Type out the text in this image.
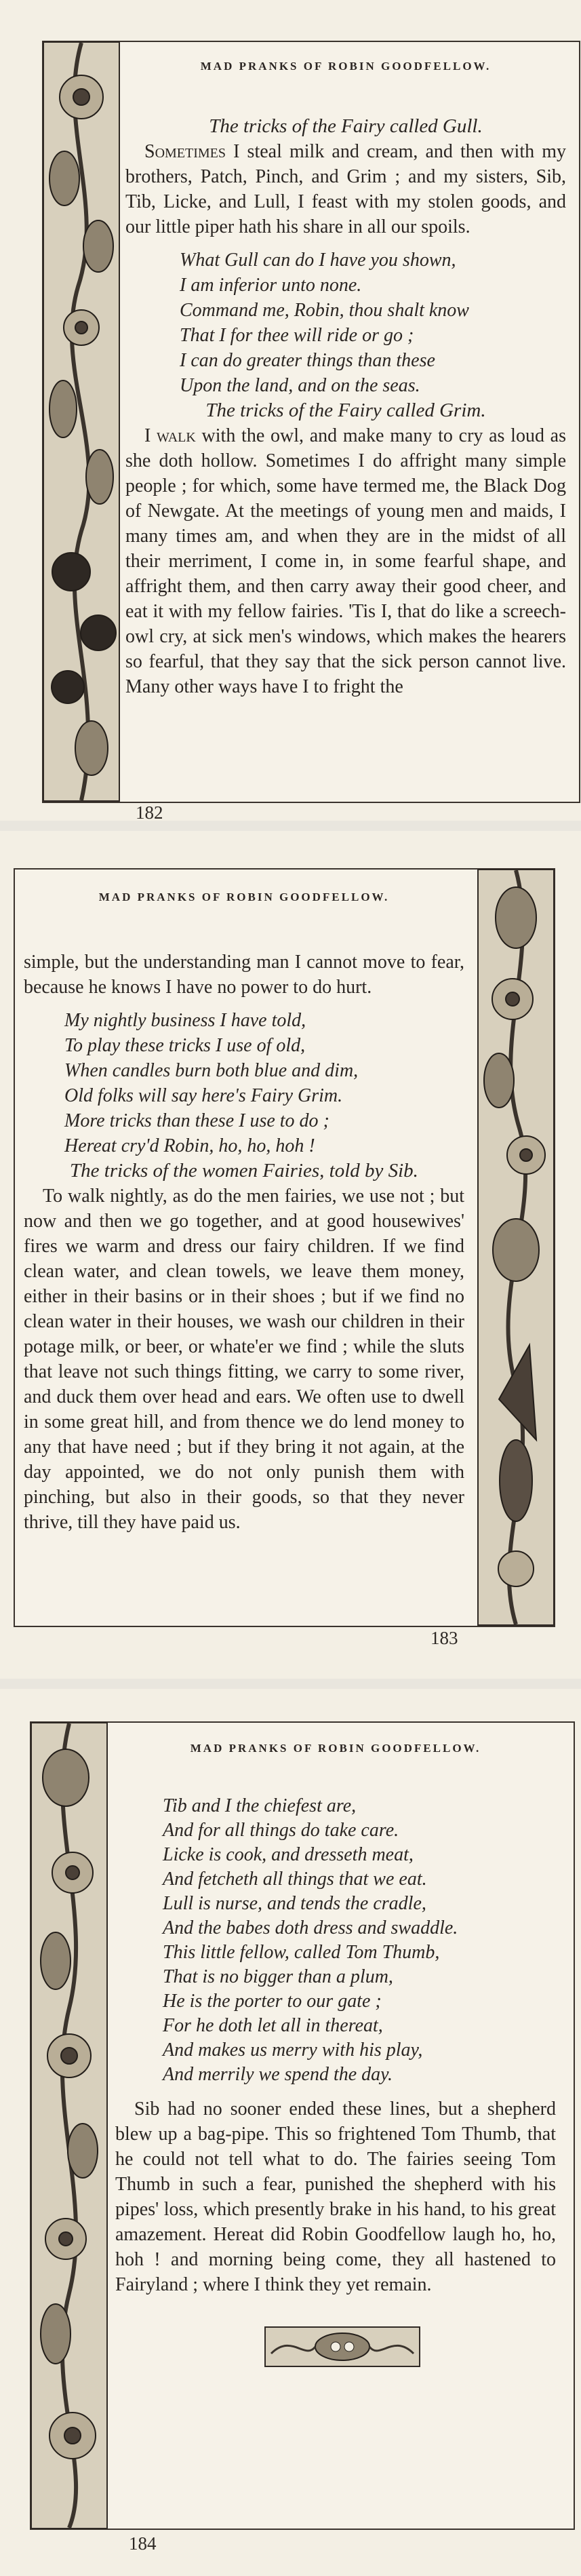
MAD PRANKS OF ROBIN GOODFELLOW.

The tricks of the Fairy called Gull.

Sometimes I steal milk and cream, and then with my brothers, Patch, Pinch, and Grim ; and my sisters, Sib, Tib, Licke, and Lull, I feast with my stolen goods, and our little piper hath his share in all our spoils.

What Gull can do I have you shown,
I am inferior unto none.
Command me, Robin, thou shalt know
That I for thee will ride or go ;
I can do greater things than these
Upon the land, and on the seas.

The tricks of the Fairy called Grim.

I walk with the owl, and make many to cry as loud as she doth hollow. Sometimes I do affright many simple people ; for which, some have termed me, the Black Dog of Newgate. At the meetings of young men and maids, I many times am, and when they are in the midst of all their merriment, I come in, in some fearful shape, and affright them, and then carry away their good cheer, and eat it with my fellow fairies. 'Tis I, that do like a screech-owl cry, at sick men's windows, which makes the hearers so fearful, that they say that the sick person cannot live. Many other ways have I to fright the

182
MAD PRANKS OF ROBIN GOODFELLOW.

simple, but the understanding man I cannot move to fear, because he knows I have no power to do hurt.

My nightly business I have told,
To play these tricks I use of old,
When candles burn both blue and dim,
Old folks will say here's Fairy Grim.
More tricks than these I use to do ;
Hereat cry'd Robin, ho, ho, hoh !

The tricks of the women Fairies, told by Sib.

To walk nightly, as do the men fairies, we use not ; but now and then we go together, and at good housewives' fires we warm and dress our fairy children. If we find clean water, and clean towels, we leave them money, either in their basins or in their shoes ; but if we find no clean water in their houses, we wash our children in their potage milk, or beer, or whate'er we find ; while the sluts that leave not such things fitting, we carry to some river, and duck them over head and ears. We often use to dwell in some great hill, and from thence we do lend money to any that have need ; but if they bring it not again, at the day appointed, we do not only punish them with pinching, but also in their goods, so that they never thrive, till they have paid us.

183
MAD PRANKS OF ROBIN GOODFELLOW.
Tib and I the chiefest are,
And for all things do take care.
Licke is cook, and dresseth meat,
And fetcheth all things that we eat.
Lull is nurse, and tends the cradle,
And the babes doth dress and swaddle.
This little fellow, called Tom Thumb,
That is no bigger than a plum,
He is the porter to our gate ;
For he doth let all in thereat,
And makes us merry with his play,
And merrily we spend the day.

Sib had no sooner ended these lines, but a shepherd blew up a bag-pipe. This so frightened Tom Thumb, that he could not tell what to do. The fairies seeing Tom Thumb in such a fear, punished the shepherd with his pipes' loss, which presently brake in his hand, to his great amazement. Hereat did Robin Goodfellow laugh ho, ho, hoh ! and morning being come, they all hastened to Fairyland ; where I think they yet remain.

184
